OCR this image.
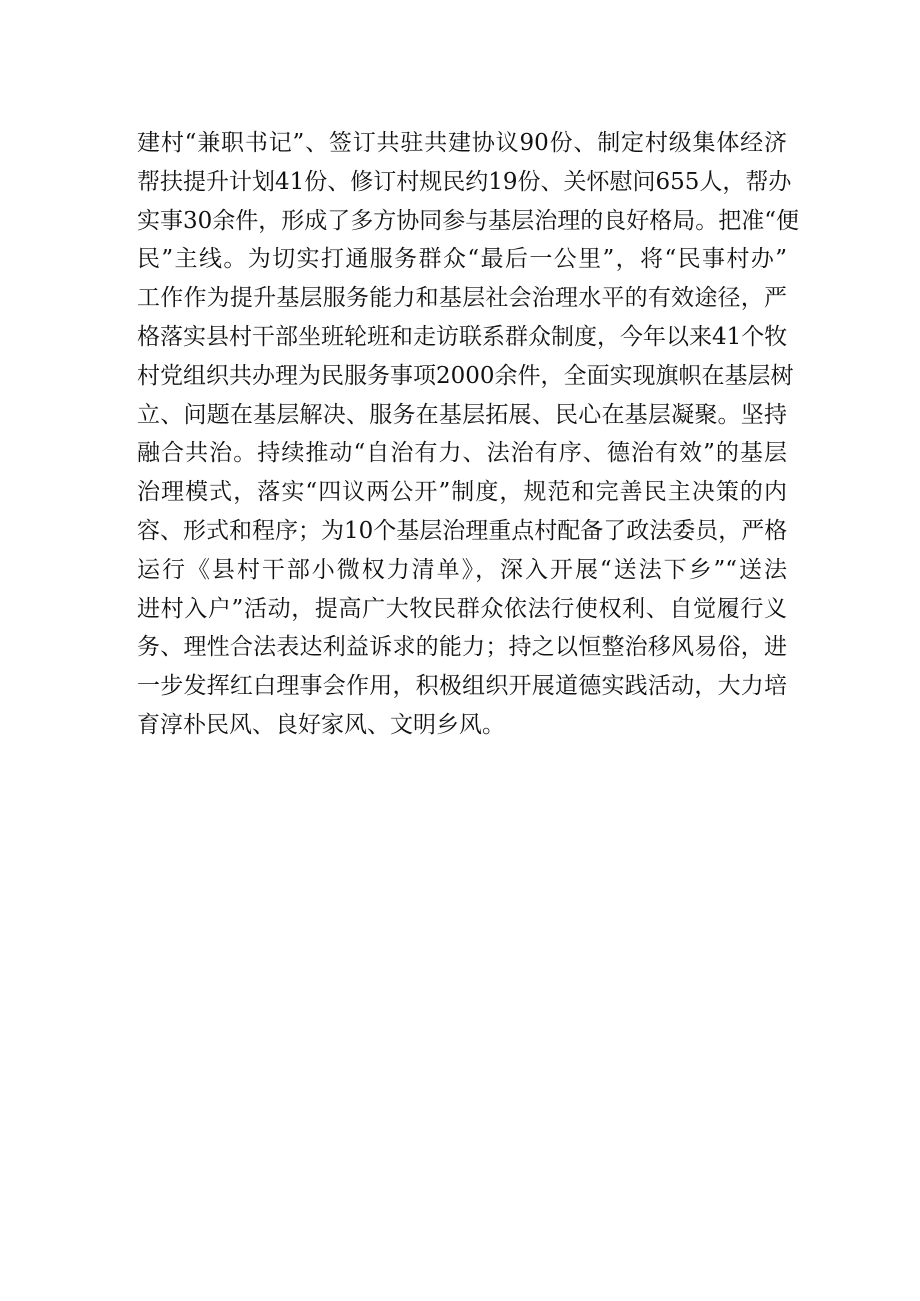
建村“兼职书记”、签订共驻共建协议90份、制定村级集体经济
帮扶提升计划41份、修订村规民约19份、关怀慰问655人，帮办
实事30余件，形成了多方协同参与基层治理的良好格局。把准“便
民”主线。为切实打通服务群众“最后一公里”，将“民事村办”
工作作为提升基层服务能力和基层社会治理水平的有效途径，严
格落实县村干部坐班轮班和走访联系群众制度，今年以来41个牧
村党组织共办理为民服务事项2000余件，全面实现旗帜在基层树
立、问题在基层解决、服务在基层拓展、民心在基层凝聚。坚持
融合共治。持续推动“自治有力、法治有序、德治有效”的基层
治理模式，落实“四议两公开”制度，规范和完善民主决策的内
容、形式和程序；为10个基层治理重点村配备了政法委员，严格
运行《县村干部小微权力清单》，深入开展“送法下乡”“送法
进村入户”活动，提高广大牧民群众依法行使权利、自觉履行义
务、理性合法表达利益诉求的能力；持之以恒整治移风易俗，进
一步发挥红白理事会作用，积极组织开展道德实践活动，大力培
育淳朴民风、良好家风、文明乡风。
